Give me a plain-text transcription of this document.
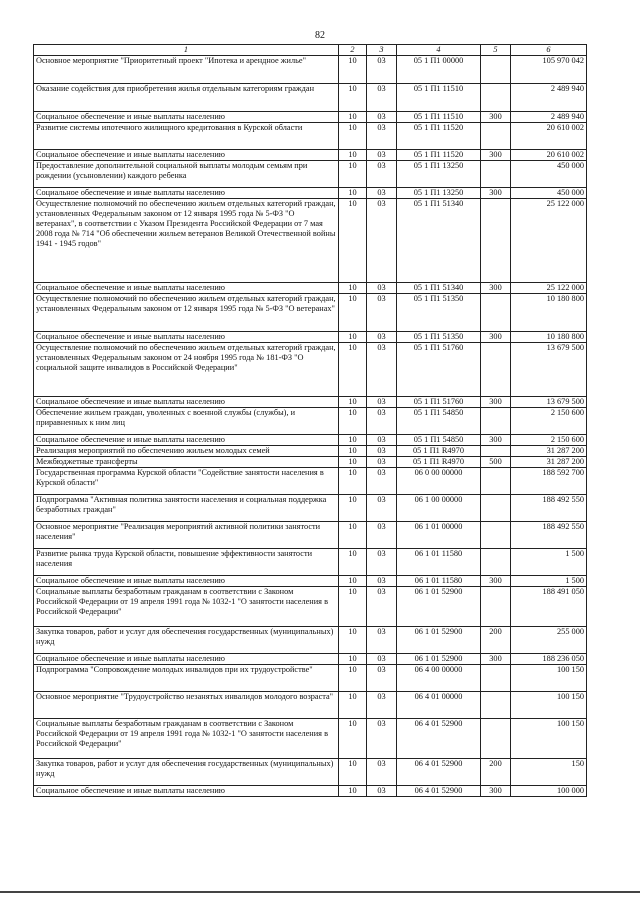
82
1	2	3	4	5	6
Основное мероприятие "Приоритетный проект "Ипотека и арендное жилье"	10	03	05 1 П1 00000		105 970 042
Оказание содействия для приобретения жилья отдельным категориям граждан	10	03	05 1 П1 11510		2 489 940
Социальное обеспечение и иные выплаты населению	10	03	05 1 П1 11510	300	2 489 940
Развитие системы ипотечного жилищного кредитования в Курской области	10	03	05 1 П1 11520		20 610 002
Социальное обеспечение и иные выплаты населению	10	03	05 1 П1 11520	300	20 610 002
Предоставление дополнительной социальной выплаты молодым семьям при рождении (усыновлении) каждого ребенка	10	03	05 1 П1 13250		450 000
Социальное обеспечение и иные выплаты населению	10	03	05 1 П1 13250	300	450 000
Осуществление полномочий по обеспечению жильем отдельных категорий граждан, установленных Федеральным законом от 12 января 1995 года № 5-ФЗ "О ветеранах", в соответствии с Указом Президента Российской Федерации от 7 мая 2008 года № 714 "Об обеспечении жильем ветеранов Великой Отечественной войны 1941 - 1945 годов"	10	03	05 1 П1 51340		25 122 000
Социальное обеспечение и иные выплаты населению	10	03	05 1 П1 51340	300	25 122 000
Осуществление полномочий по обеспечению жильем отдельных категорий граждан, установленных Федеральным законом от 12 января 1995 года № 5-ФЗ "О ветеранах"	10	03	05 1 П1 51350		10 180 800
Социальное обеспечение и иные выплаты населению	10	03	05 1 П1 51350	300	10 180 800
Осуществление полномочий по обеспечению жильем отдельных категорий граждан, установленных Федеральным законом от 24 ноября 1995 года № 181-ФЗ "О социальной защите инвалидов в Российской Федерации"	10	03	05 1 П1 51760		13 679 500
Социальное обеспечение и иные выплаты населению	10	03	05 1 П1 51760	300	13 679 500
Обеспечение жильем граждан, уволенных с военной службы (службы), и приравненных к ним лиц	10	03	05 1 П1 54850		2 150 600
Социальное обеспечение и иные выплаты населению	10	03	05 1 П1 54850	300	2 150 600
Реализация мероприятий по обеспечению жильем молодых семей	10	03	05 1 П1 R4970		31 287 200
Межбюджетные трансферты	10	03	05 1 П1 R4970	500	31 287 200
Государственная программа Курской области "Содействие занятости населения в Курской области"	10	03	06 0 00 00000		188 592 700
Подпрограмма "Активная политика занятости населения и социальная поддержка безработных граждан"	10	03	06 1 00 00000		188 492 550
Основное мероприятие "Реализация мероприятий активной политики занятости населения"	10	03	06 1 01 00000		188 492 550
Развитие рынка труда Курской области, повышение эффективности занятости населения	10	03	06 1 01 11580		1 500
Социальное обеспечение и иные выплаты населению	10	03	06 1 01 11580	300	1 500
Социальные выплаты безработным гражданам в соответствии с Законом Российской Федерации от 19 апреля 1991 года № 1032-1 "О занятости населения в Российской Федерации"	10	03	06 1 01 52900		188 491 050
Закупка товаров, работ и услуг для обеспечения государственных (муниципальных) нужд	10	03	06 1 01 52900	200	255 000
Социальное обеспечение и иные выплаты населению	10	03	06 1 01 52900	300	188 236 050
Подпрограмма "Сопровождение молодых инвалидов при их трудоустройстве"	10	03	06 4 00 00000		100 150
Основное мероприятие "Трудоустройство незанятых инвалидов молодого возраста"	10	03	06 4 01 00000		100 150
Социальные выплаты безработным гражданам в соответствии с Законом Российской Федерации от 19 апреля 1991 года № 1032-1 "О занятости населения в Российской Федерации"	10	03	06 4 01 52900		100 150
Закупка товаров, работ и услуг для обеспечения государственных (муниципальных) нужд	10	03	06 4 01 52900	200	150
Социальное обеспечение и иные выплаты населению	10	03	06 4 01 52900	300	100 000
